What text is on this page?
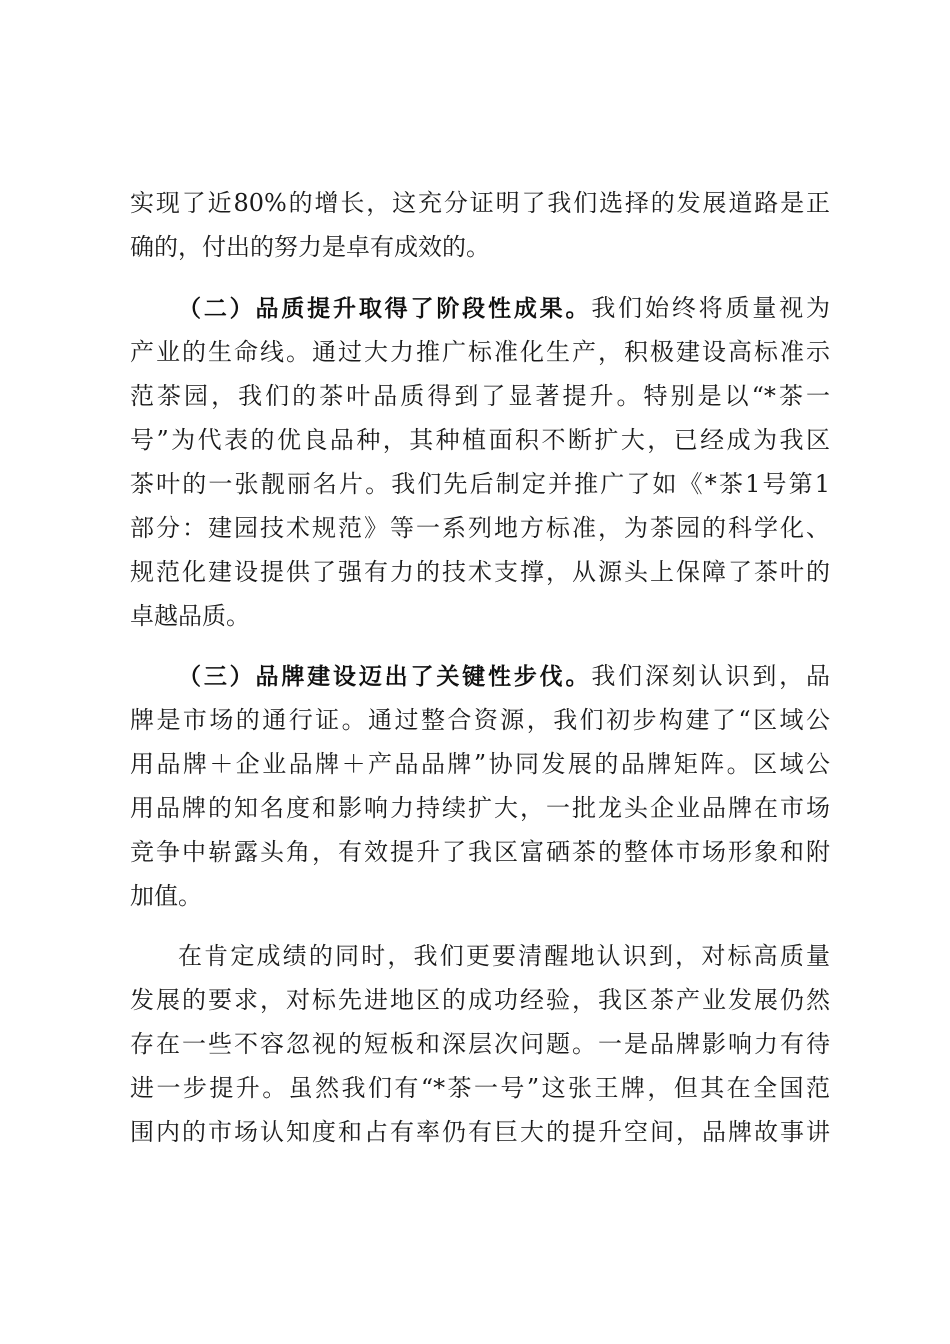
实现了近80%的增长，这充分证明了我们选择的发展道路是正
确的，付出的努力是卓有成效的。
（二）品质提升取得了阶段性成果。我们始终将质量视为
产业的生命线。通过大力推广标准化生产，积极建设高标准示
范茶园，我们的茶叶品质得到了显著提升。特别是以“*茶一
号”为代表的优良品种，其种植面积不断扩大，已经成为我区
茶叶的一张靓丽名片。我们先后制定并推广了如《*茶1号第1
部分：建园技术规范》等一系列地方标准，为茶园的科学化、
规范化建设提供了强有力的技术支撑，从源头上保障了茶叶的
卓越品质。
（三）品牌建设迈出了关键性步伐。我们深刻认识到，品
牌是市场的通行证。通过整合资源，我们初步构建了“区域公
用品牌＋企业品牌＋产品品牌”协同发展的品牌矩阵。区域公
用品牌的知名度和影响力持续扩大，一批龙头企业品牌在市场
竞争中崭露头角，有效提升了我区富硒茶的整体市场形象和附
加值。
在肯定成绩的同时，我们更要清醒地认识到，对标高质量
发展的要求，对标先进地区的成功经验，我区茶产业发展仍然
存在一些不容忽视的短板和深层次问题。一是品牌影响力有待
进一步提升。虽然我们有“*茶一号”这张王牌，但其在全国范
围内的市场认知度和占有率仍有巨大的提升空间，品牌故事讲
